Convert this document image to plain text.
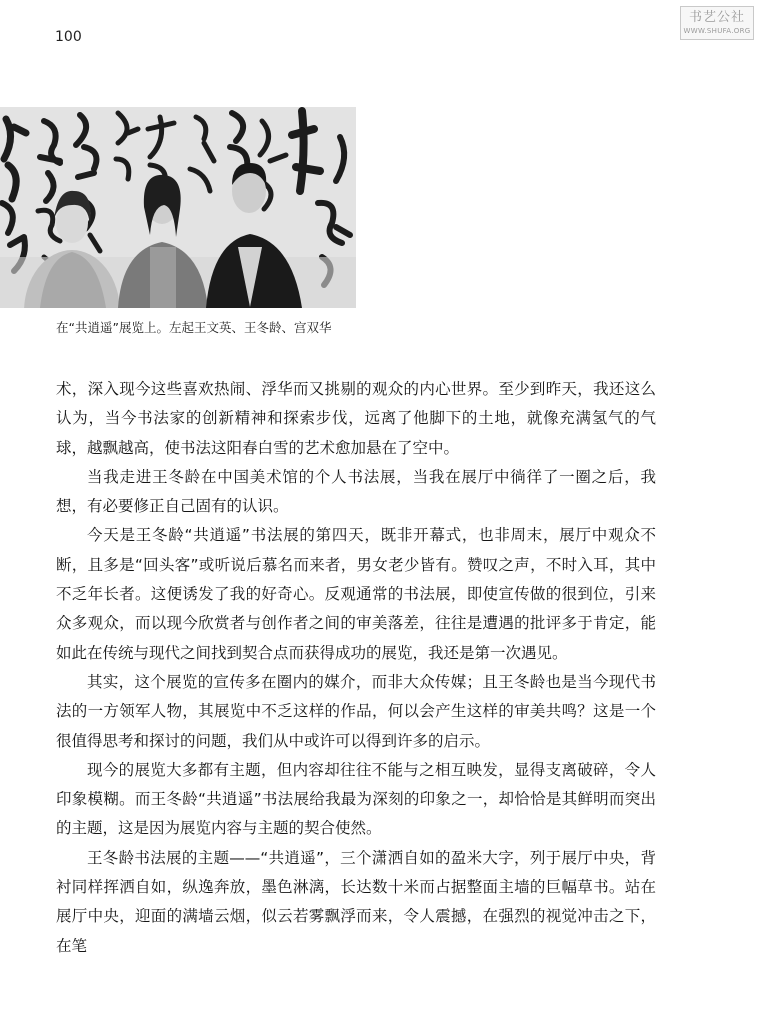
100
书艺公社
WWW.SHUFA.ORG
在“共逍遥”展览上。左起王文英、王冬龄、宫双华

术，深入现今这些喜欢热闹、浮华而又挑剔的观众的内心世界。至少到昨天，我还这么认为，当今书法家的创新精神和探索步伐，远离了他脚下的土地，就像充满氢气的气球，越飘越高，使书法这阳春白雪的艺术愈加悬在了空中。

当我走进王冬龄在中国美术馆的个人书法展，当我在展厅中徜徉了一圈之后，我想，有必要修正自己固有的认识。

今天是王冬龄“共逍遥”书法展的第四天，既非开幕式，也非周末，展厅中观众不断，且多是“回头客”或听说后慕名而来者，男女老少皆有。赞叹之声，不时入耳，其中不乏年长者。这便诱发了我的好奇心。反观通常的书法展，即使宣传做的很到位，引来众多观众，而以现今欣赏者与创作者之间的审美落差，往往是遭遇的批评多于肯定，能如此在传统与现代之间找到契合点而获得成功的展览，我还是第一次遇见。

其实，这个展览的宣传多在圈内的媒介，而非大众传媒；且王冬龄也是当今现代书法的一方领军人物，其展览中不乏这样的作品，何以会产生这样的审美共鸣？这是一个很值得思考和探讨的问题，我们从中或许可以得到许多的启示。

现今的展览大多都有主题，但内容却往往不能与之相互映发，显得支离破碎，令人印象模糊。而王冬龄“共逍遥”书法展给我最为深刻的印象之一，却恰恰是其鲜明而突出的主题，这是因为展览内容与主题的契合使然。

王冬龄书法展的主题——“共逍遥”，三个潇洒自如的盈米大字，列于展厅中央，背衬同样挥洒自如，纵逸奔放，墨色淋漓，长达数十米而占据整面主墙的巨幅草书。站在展厅中央，迎面的满墙云烟，似云若雾飘浮而来，令人震撼，在强烈的视觉冲击之下，在笔
